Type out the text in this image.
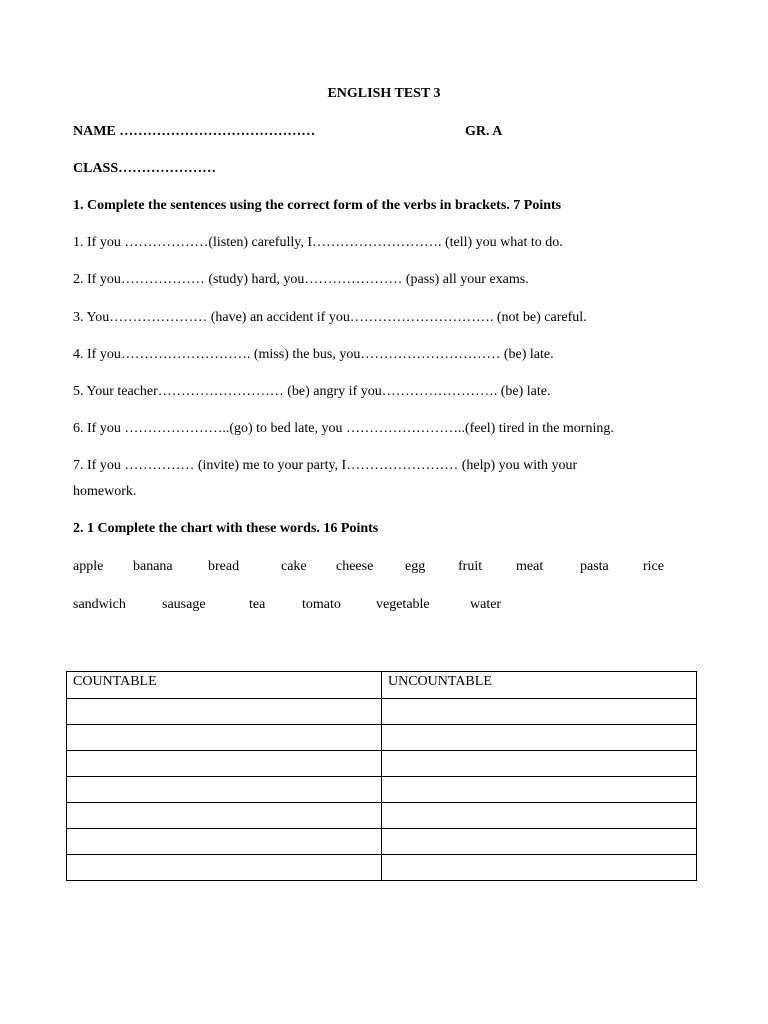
ENGLISH TEST 3
NAME ……………………………………	GR. A
CLASS…………………
1. Complete the sentences using the correct form of the verbs in brackets. 7 Points
1. If you ………………(listen) carefully, I………………………. (tell) you what to do.
2. If you……………… (study) hard, you………………… (pass) all your exams.
3. You………………… (have) an accident if you…………………………. (not be) careful.
4. If you………………………. (miss) the bus, you………………………… (be) late.
5. Your teacher……………………… (be) angry if you……………………. (be) late.
6. If you …………………..(go) to bed late, you ……………………..(feel) tired in the morning.
7. If you …………… (invite) me to your party, I…………………… (help) you with your
homework.
2. 1 Complete the chart with these words. 16 Points
apple banana	bread	cake cheese egg fruit meat	pasta rice
sandwich	sausage	tea	tomato	vegetable	water
COUNTABLE	UNCOUNTABLE
